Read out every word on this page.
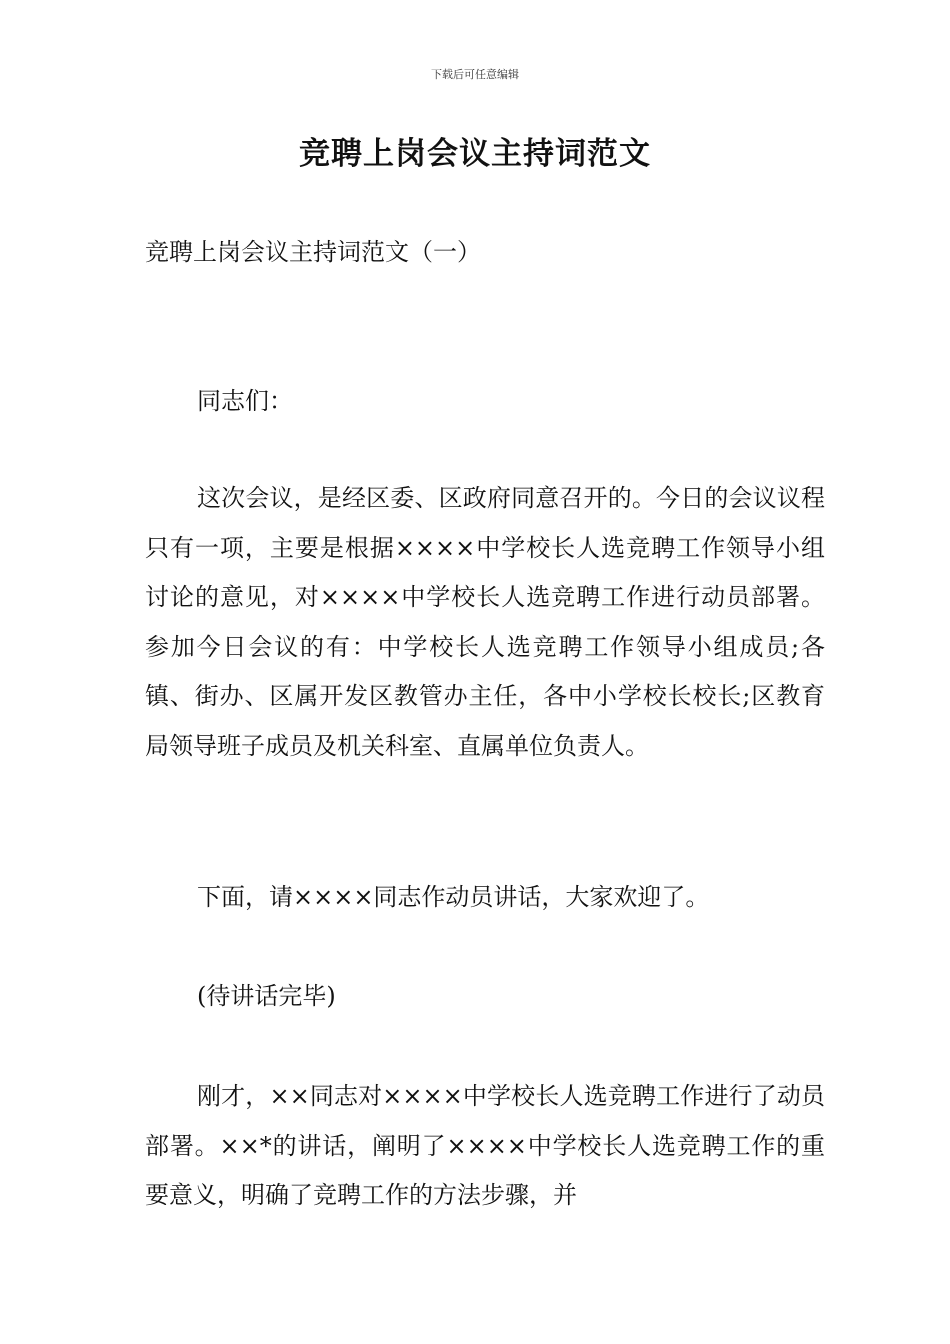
下载后可任意编辑
竞聘上岗会议主持词范文
竞聘上岗会议主持词范文（一）

同志们：

这次会议，是经区委、区政府同意召开的。今日的会议议程只有一项，主要是根据××××中学校长人选竞聘工作领导小组讨论的意见，对××××中学校长人选竞聘工作进行动员部署。参加今日会议的有：中学校长人选竞聘工作领导小组成员;各镇、街办、区属开发区教管办主任，各中小学校长校长;区教育局领导班子成员及机关科室、直属单位负责人。

下面，请××××同志作动员讲话，大家欢迎了。

(待讲话完毕)

刚才，××同志对××××中学校长人选竞聘工作进行了动员部署。××*的讲话，阐明了××××中学校长人选竞聘工作的重要意义，明确了竞聘工作的方法步骤，并
